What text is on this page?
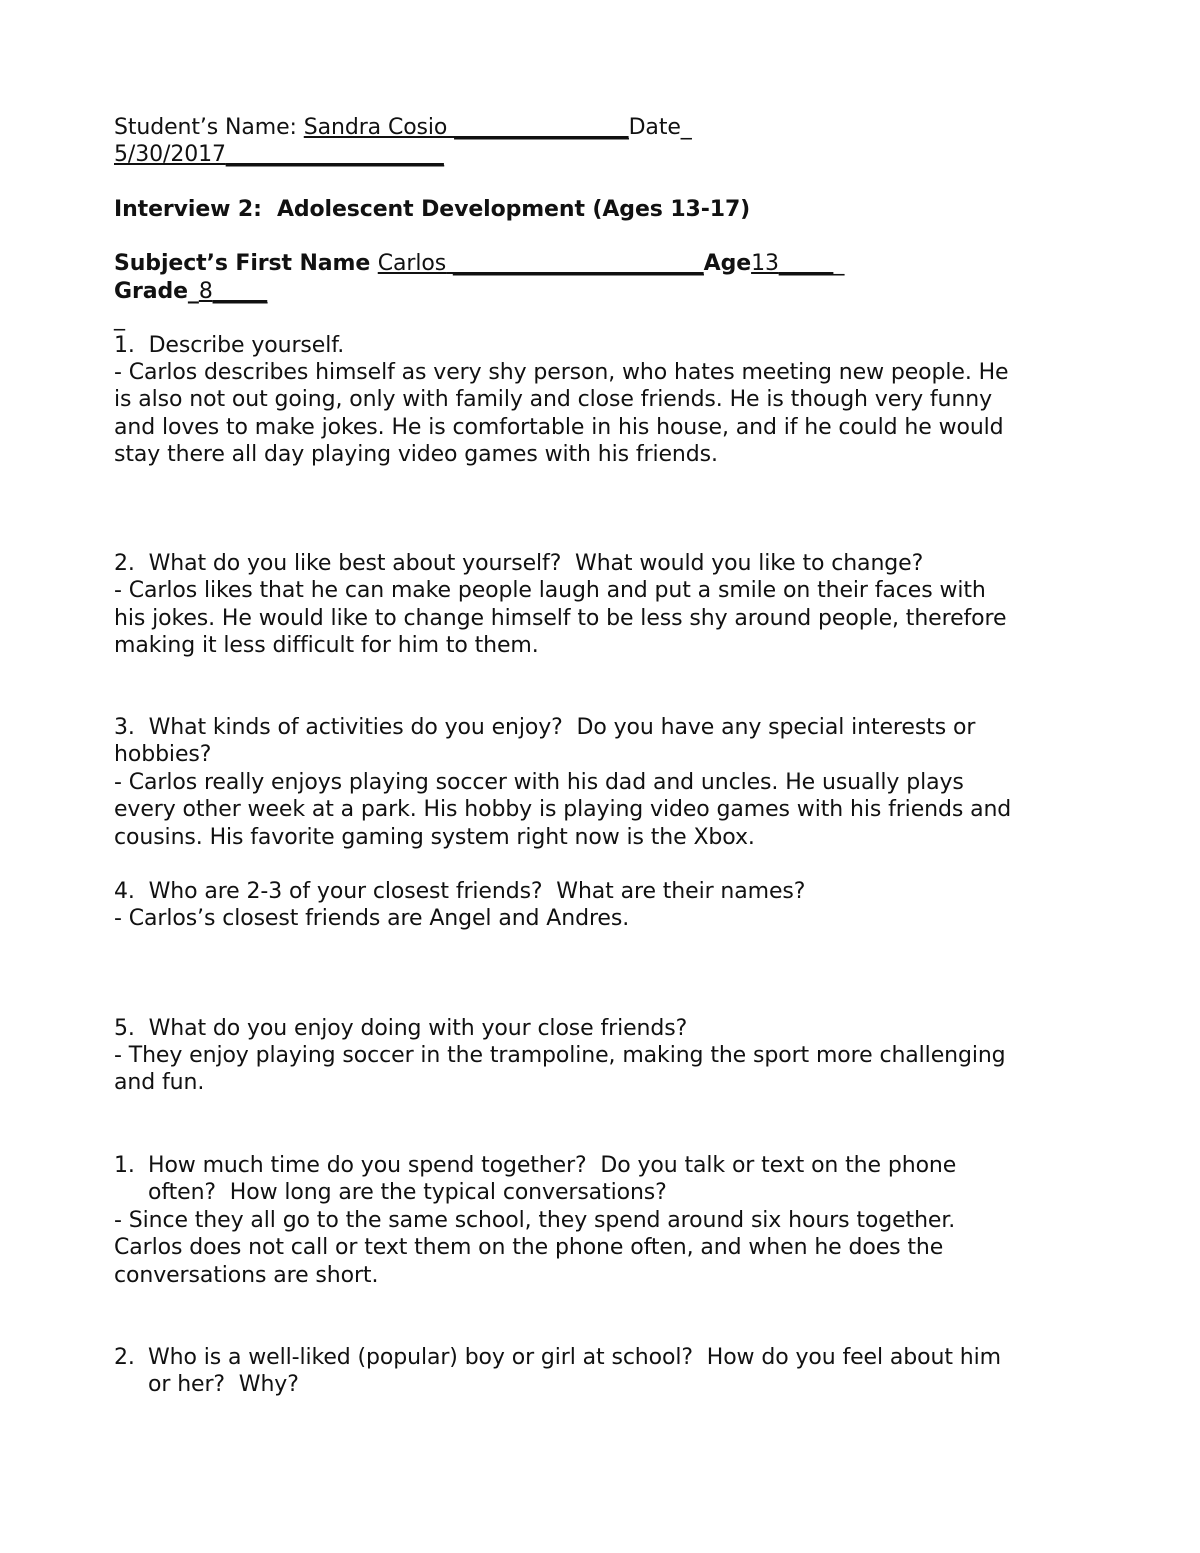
Student’s Name: Sandra Cosio ________________Date_
5/30/2017____________________
Interview 2:  Adolescent Development (Ages 13-17)
Subject’s First Name Carlos _______________________Age13______
Grade_8_____
_
1.  Describe yourself.
- Carlos describes himself as very shy person, who hates meeting new people. He
is also not out going, only with family and close friends. He is though very funny
and loves to make jokes. He is comfortable in his house, and if he could he would
stay there all day playing video games with his friends.
2.  What do you like best about yourself?  What would you like to change?
- Carlos likes that he can make people laugh and put a smile on their faces with
his jokes. He would like to change himself to be less shy around people, therefore
making it less difficult for him to them.
3.  What kinds of activities do you enjoy?  Do you have any special interests or
hobbies?
- Carlos really enjoys playing soccer with his dad and uncles. He usually plays
every other week at a park. His hobby is playing video games with his friends and
cousins. His favorite gaming system right now is the Xbox.
4.  Who are 2-3 of your closest friends?  What are their names?
- Carlos’s closest friends are Angel and Andres.
5.  What do you enjoy doing with your close friends?
- They enjoy playing soccer in the trampoline, making the sport more challenging
and fun.
1. How much time do you spend together?  Do you talk or text on the phone
often?  How long are the typical conversations?
- Since they all go to the same school, they spend around six hours together.
Carlos does not call or text them on the phone often, and when he does the
conversations are short.
2. Who is a well-liked (popular) boy or girl at school?  How do you feel about him
or her?  Why?
